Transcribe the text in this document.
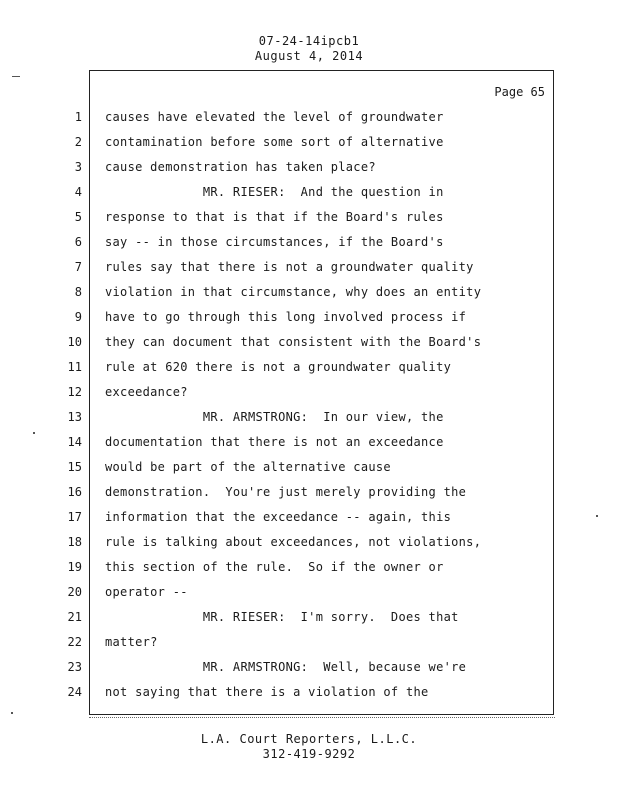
07-24-14ipcb1
August 4, 2014
Page 65
1 causes have elevated the level of groundwater
2 contamination before some sort of alternative
3 cause demonstration has taken place?
4 MR. RIESER:  And the question in
5 response to that is that if the Board's rules
6 say -- in those circumstances, if the Board's
7 rules say that there is not a groundwater quality
8 violation in that circumstance, why does an entity
9 have to go through this long involved process if
10 they can document that consistent with the Board's
11 rule at 620 there is not a groundwater quality
12 exceedance?
13 MR. ARMSTRONG:  In our view, the
14 documentation that there is not an exceedance
15 would be part of the alternative cause
16 demonstration.  You're just merely providing the
17 information that the exceedance -- again, this
18 rule is talking about exceedances, not violations,
19 this section of the rule.  So if the owner or
20 operator --
21 MR. RIESER:  I'm sorry.  Does that
22 matter?
23 MR. ARMSTRONG:  Well, because we're
24 not saying that there is a violation of the
L.A. Court Reporters, L.L.C.
312-419-9292
